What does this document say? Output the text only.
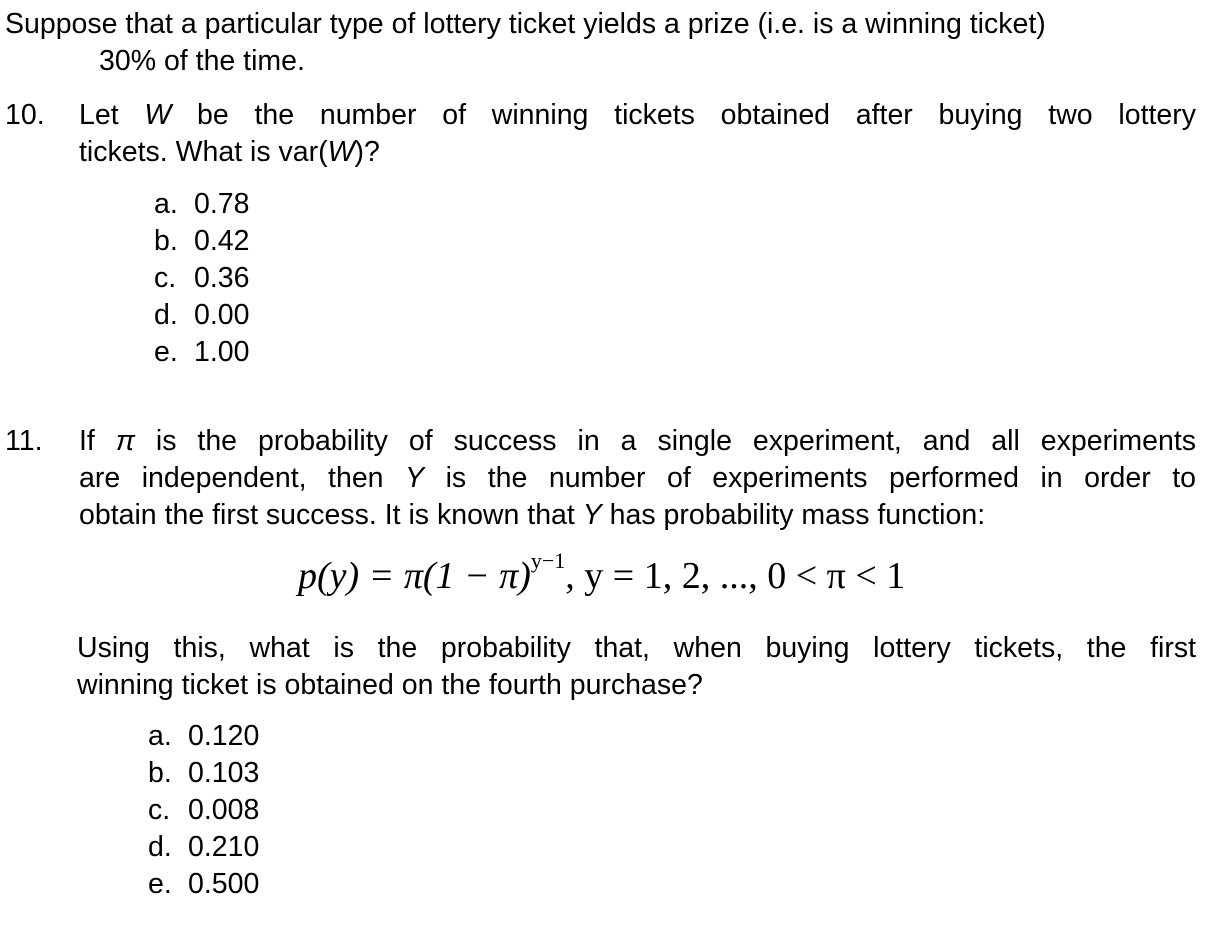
Suppose that a particular type of lottery ticket yields a prize (i.e. is a winning ticket)
30% of the time.
10. Let W be the number of winning tickets obtained after buying two lottery
tickets. What is var(W)?
a. 0.78
b. 0.42
c. 0.36
d. 0.00
e. 1.00
11. If π is the probability of success in a single experiment, and all experiments
are independent, then Y is the number of experiments performed in order to
obtain the first success. It is known that Y has probability mass function:
$p(y) = \pi(1 - \pi)^{y-1}$, y = 1, 2, ..., 0 < π < 1
Using this, what is the probability that, when buying lottery tickets, the first
winning ticket is obtained on the fourth purchase?
a. 0.120
b. 0.103
c. 0.008
d. 0.210
e. 0.500
